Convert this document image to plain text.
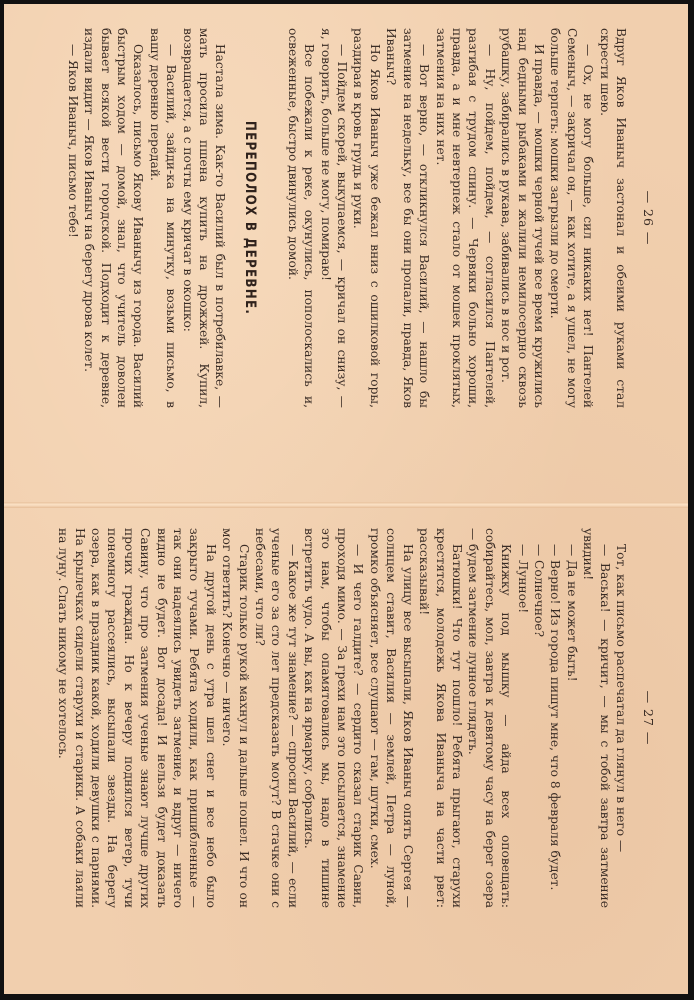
— 26 —

Вдруг Яков Иваныч застонал и обеими руками стал скрести шею.

— Ох, не могу больше, сил никаких нет! Пантелей Семеныч, — закричал он, — как хотите, а я ушел, не могу больше терпеть: мошки загрызли до смерти.

И правда, — мошки черной тучей все время кружились над бедными рыбаками и жалили немилосердно сквозь рубашку, забирались в рукава, забивались в нос и рот.

— Ну, пойдем, пойдем, — согласился Пантелей, разгибая с трудом спину. — Червяки больно хороши, правда, а и мне невтерпеж стало от мошек проклятых, затмения на них нет.

— Вот верно, — откликнулся Василий, — нашло бы затмение на недельку, все бы они пропали, правда, Яков Иваныч?

Но Яков Иваныч уже бежал вниз с ошилковой горы, раздирая в кровь грудь и руки.

— Пойдем скорей, выкупаемся, — кричал он снизу, — я, говорить, больше не могу, помираю!

Все побежали к реке, окунулись, пополоскались и, освеженные, быстро двинулись домой.

ПЕРЕПОЛОХ В ДЕРЕВНЕ.

Настала зима. Как-то Василий был в потребилавке, — мать просила пшена купить на дрожжей. Купил, возвращается, а с почты ему кричат в окошко:

— Василий, зайди-ка на минутку, возьми письмо, в вашу деревню передай.

Оказалось, письмо Якову Иванычу из города. Василий быстрым ходом — домой, знал, что учитель доволен бывает всякой вести городской. Подходит к деревне, издали видит — Яков Иваныч на берегу дрова колет.

— Яков Иваныч, письмо тебе!

— 27 —

Тот, как письмо распечатал да глянул в него —

— Васька! — кричит, — мы с тобой завтра затмение увидим!

— Да не может быть!

— Верно! Из города пишут мне, что 8 февраля будет.

— Солнечное?

— Лунное!

Книжку под мышку — айда всех оповещать: собирайтесь, мол, завтра к девятому часу на берег озера — будем затмение лунное глядеть.

Батюшки! Что тут пошло! Ребята прыгают, старухи крестятся, молодежь Якова Иваныча на части рвет: рассказывай!

На улицу все высыпали, Яков Иваныч опять Сергея — солнцем ставит, Василия — землей, Петра — луной, громко объясняет, все слушают — гам, шутки, смех.

— И чего галдите? — сердито сказал старик Савин, проходя мимо. — За грехи нам это посылается, знамение это нам, чтобы опамятовались мы, надо в тишине встретить чудо. А вы, как на ярмарку, собрались.

— Какое же тут знамение? — спросил Василий, — если ученые его за сто лет предсказать могут? В стачке они с небесами, что ли?

Старик только рукой махнул и дальше пошел. И что он мог ответить? Конечно — ничего.

На другой день с утра шел снег и все небо было закрыто тучами. Ребята ходили, как пришибленные — так они надеялись увидеть затмение, и вдруг — ничего видно не будет. Вот досада! И нельзя будет доказать Савину, что про затмения ученые знают лучше других прочих граждан. Но к вечеру поднялся ветер, тучи понемногу рассеялись, высыпали звезды. На берегу озера, как в праздник какой, ходили девушки с парнями. На крылечках сидели старухи и старики. А собаки лаяли на луну. Спать никому не хотелось.
